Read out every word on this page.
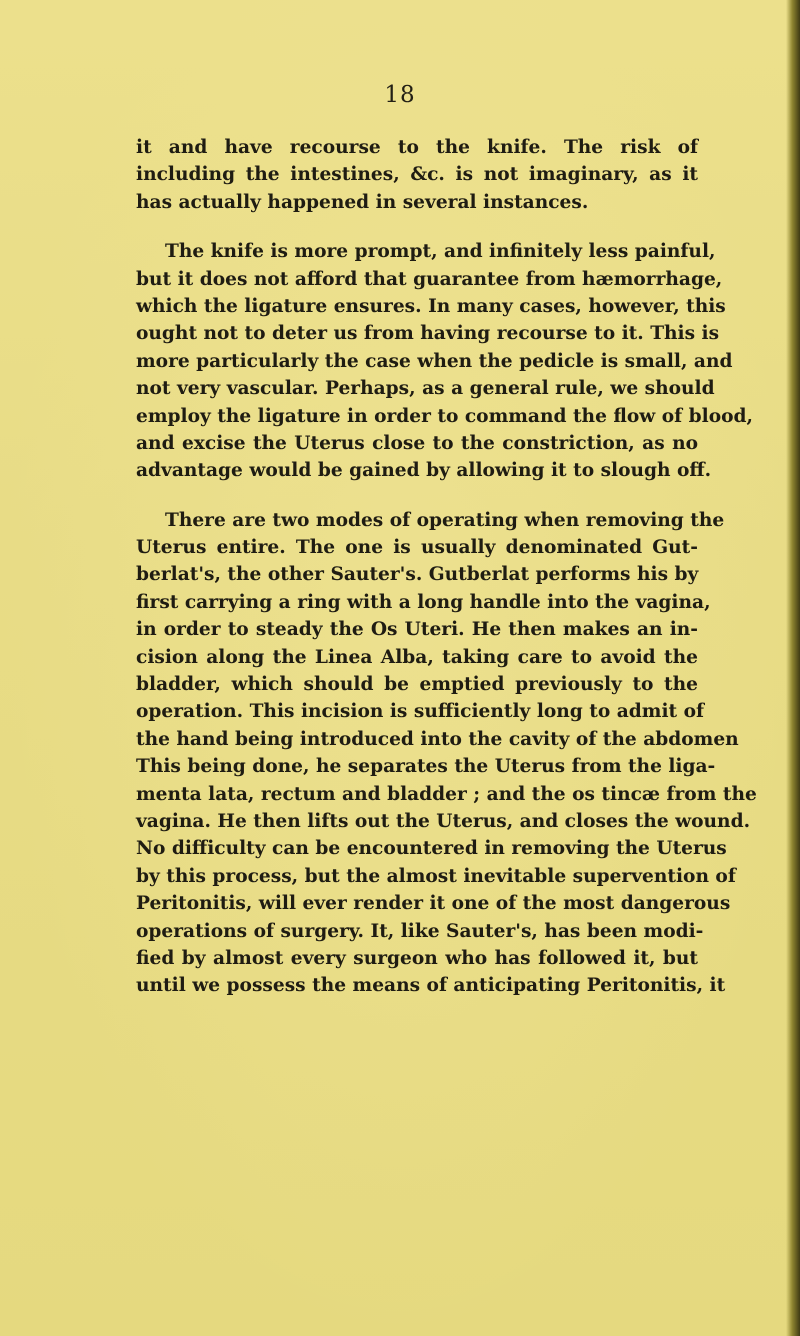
18
it and have recourse to the knife. The risk of
including the intestines, &c. is not imaginary, as it
has actually happened in several instances.
The knife is more prompt, and infinitely less painful,
but it does not afford that guarantee from hæmorrhage,
which the ligature ensures. In many cases, however, this
ought not to deter us from having recourse to it. This is
more particularly the case when the pedicle is small, and
not very vascular. Perhaps, as a general rule, we should
employ the ligature in order to command the flow of blood,
and excise the Uterus close to the constriction, as no
advantage would be gained by allowing it to slough off.
There are two modes of operating when removing the
Uterus entire. The one is usually denominated Gut-
berlat's, the other Sauter's. Gutberlat performs his by
first carrying a ring with a long handle into the vagina,
in order to steady the Os Uteri. He then makes an in-
cision along the Linea Alba, taking care to avoid the
bladder, which should be emptied previously to the
operation. This incision is sufficiently long to admit of
the hand being introduced into the cavity of the abdomen
This being done, he separates the Uterus from the liga-
menta lata, rectum and bladder ; and the os tincæ from the
vagina. He then lifts out the Uterus, and closes the wound.
No difficulty can be encountered in removing the Uterus
by this process, but the almost inevitable supervention of
Peritonitis, will ever render it one of the most dangerous
operations of surgery. It, like Sauter's, has been modi-
fied by almost every surgeon who has followed it, but
until we possess the means of anticipating Peritonitis, it
